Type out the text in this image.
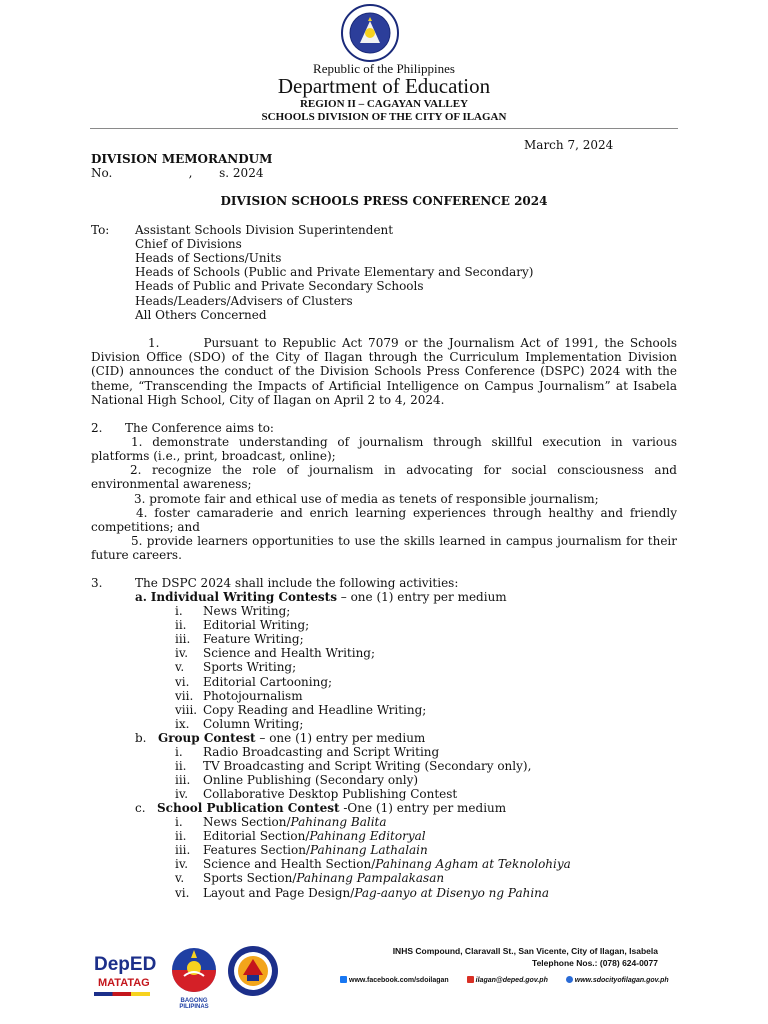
Republic of the Philippines
Department of Education
REGION II – CAGAYAN VALLEY
SCHOOLS DIVISION OF THE CITY OF ILAGAN
March 7, 2024
DIVISION MEMORANDUM
No.                    ,       s. 2024
DIVISION SCHOOLS PRESS CONFERENCE 2024
To: Assistant Schools Division Superintendent
Chief of Divisions
Heads of Sections/Units
Heads of Schools (Public and Private Elementary and Secondary)
Heads of Public and Private Secondary Schools
Heads/Leaders/Advisers of Clusters
All Others Concerned
1.	Pursuant to Republic Act 7079 or the Journalism Act of 1991, the Schools Division Office (SDO) of the City of Ilagan through the Curriculum Implementation Division (CID) announces the conduct of the Division Schools Press Conference (DSPC) 2024 with the theme, “Transcending the Impacts of Artificial Intelligence on Campus Journalism” at Isabela National High School, City of Ilagan on April 2 to 4, 2024.
2. The Conference aims to:
1. demonstrate understanding of journalism through skillful execution in various platforms (i.e., print, broadcast, online);
2. recognize the role of journalism in advocating for social consciousness and environmental awareness;
3. promote fair and ethical use of media as tenets of responsible journalism;
4. foster camaraderie and enrich learning experiences through healthy and friendly competitions; and
5. provide learners opportunities to use the skills learned in campus journalism for their future careers.
3.	The DSPC 2024 shall include the following activities:
a. Individual Writing Contests – one (1) entry per medium
i.	News Writing;
ii.	Editorial Writing;
iii.	Feature Writing;
iv.	Science and Health Writing;
v.	Sports Writing;
vi.	Editorial Cartooning;
vii. Photojournalism
viii. Copy Reading and Headline Writing;
ix.	Column Writing;
b. Group Contest – one (1) entry per medium
i.	Radio Broadcasting and Script Writing
ii.	TV Broadcasting and Script Writing (Secondary only),
iii.	Online Publishing (Secondary only)
iv.	Collaborative Desktop Publishing Contest
c. School Publication Contest -One (1) entry per medium
i.	News Section/Pahinang Balita
ii.	Editorial Section/Pahinang Editoryal
iii.	Features Section/Pahinang Lathalain
iv.	Science and Health Section/Pahinang Agham at Teknolohiya
v.	Sports Section/Pahinang Pampalakasan
vi.	Layout and Page Design/Pag-aanyo at Disenyo ng Pahina
DepED
MATATAG
BAGONG PILIPINAS
INHS Compound, Claravall St., San Vicente, City of Ilagan, Isabela
Telephone Nos.: (078) 624-0077
www.facebook.com/sdoilagan	ilagan@deped.gov.ph	www.sdocityofilagan.gov.ph
